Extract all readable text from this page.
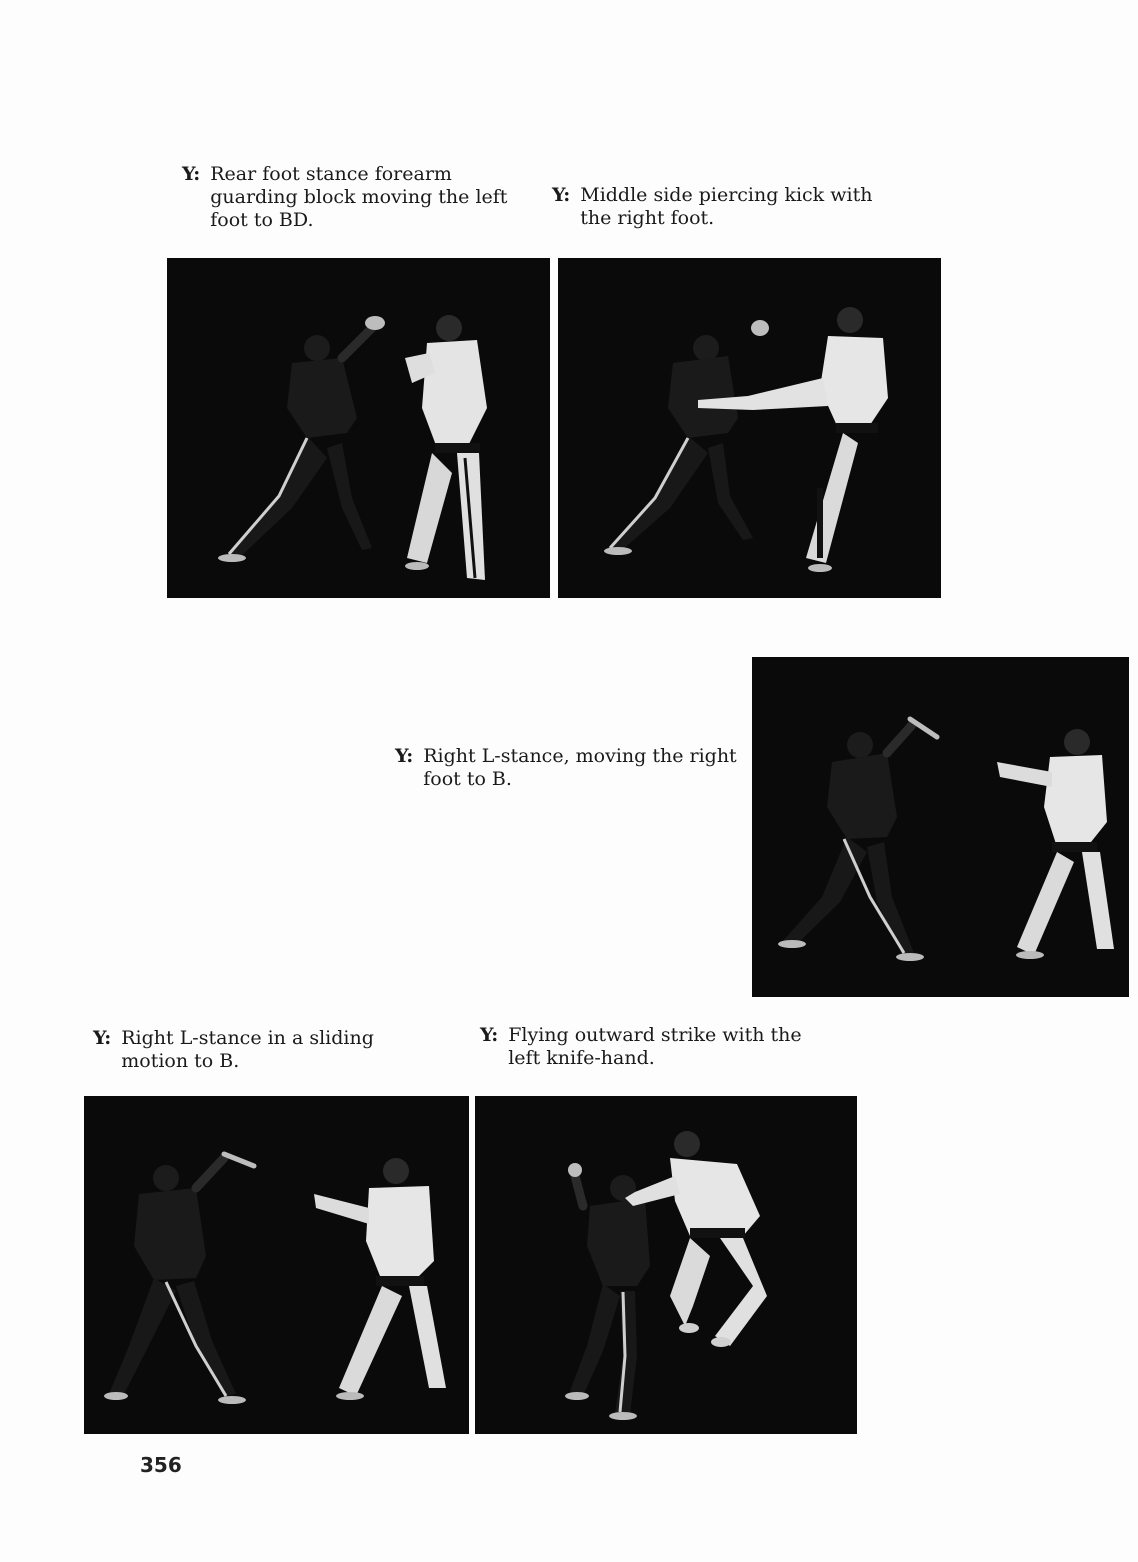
Y: Rear foot stance forearm guarding block moving the left foot to BD.
Y: Middle side piercing kick with the right foot.
Y: Right L-stance, moving the right foot to B.
Y: Right L-stance in a sliding motion to B.
Y: Flying outward strike with the left knife-hand.
356
